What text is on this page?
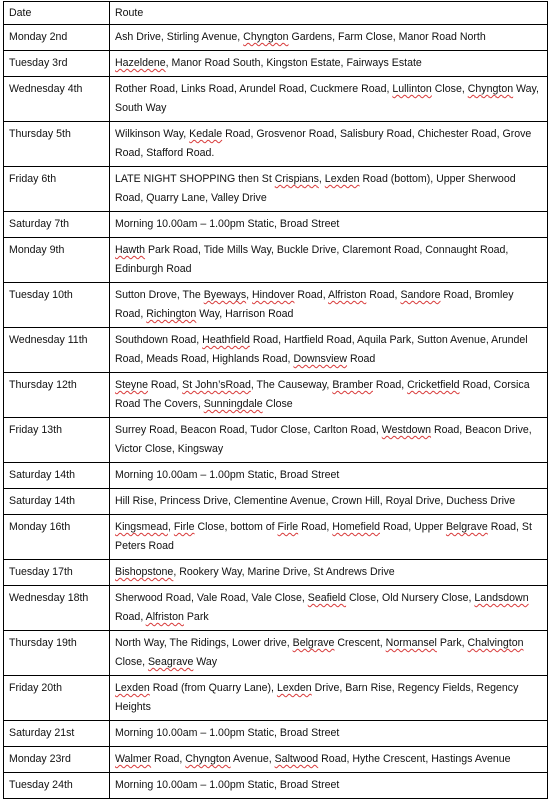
Date	Route
Monday 2nd	Ash Drive, Stirling Avenue, Chyngton Gardens, Farm Close, Manor Road North
Tuesday 3rd	Hazeldene, Manor Road South, Kingston Estate, Fairways Estate
Wednesday 4th	Rother Road, Links Road, Arundel Road, Cuckmere Road, Lullinton Close, Chyngton Way, South Way
Thursday 5th	Wilkinson Way, Kedale Road, Grosvenor Road, Salisbury Road, Chichester Road, Grove Road, Stafford Road.
Friday 6th	LATE NIGHT SHOPPING then St Crispians, Lexden Road (bottom), Upper Sherwood Road, Quarry Lane, Valley Drive
Saturday 7th	Morning 10.00am – 1.00pm Static, Broad Street
Monday 9th	Hawth Park Road, Tide Mills Way, Buckle Drive, Claremont Road, Connaught Road, Edinburgh Road
Tuesday 10th	Sutton Drove, The Byeways, Hindover Road, Alfriston Road, Sandore Road, Bromley Road, Richington Way, Harrison Road
Wednesday 11th	Southdown Road, Heathfield Road, Hartfield Road, Aquila Park, Sutton Avenue, Arundel Road, Meads Road, Highlands Road, Downsview Road
Thursday 12th	Steyne Road, St John’sRoad, The Causeway, Bramber Road, Cricketfield Road, Corsica Road The Covers, Sunningdale Close
Friday 13th	Surrey Road, Beacon Road, Tudor Close, Carlton Road, Westdown Road, Beacon Drive, Victor Close, Kingsway
Saturday 14th	Morning 10.00am – 1.00pm Static, Broad Street
Saturday 14th	Hill Rise, Princess Drive, Clementine Avenue, Crown Hill, Royal Drive, Duchess Drive
Monday 16th	Kingsmead, Firle Close, bottom of Firle Road, Homefield Road, Upper Belgrave Road, St Peters Road
Tuesday 17th	Bishopstone, Rookery Way, Marine Drive, St Andrews Drive
Wednesday 18th	Sherwood Road, Vale Road, Vale Close, Seafield Close, Old Nursery Close, Landsdown Road, Alfriston Park
Thursday 19th	North Way, The Ridings, Lower drive, Belgrave Crescent, Normansel Park, Chalvington Close, Seagrave Way
Friday 20th	Lexden Road (from Quarry Lane), Lexden Drive, Barn Rise, Regency Fields, Regency Heights
Saturday 21st	Morning 10.00am – 1.00pm Static, Broad Street
Monday 23rd	Walmer Road, Chyngton Avenue, Saltwood Road, Hythe Crescent, Hastings Avenue
Tuesday 24th	Morning 10.00am – 1.00pm Static, Broad Street
